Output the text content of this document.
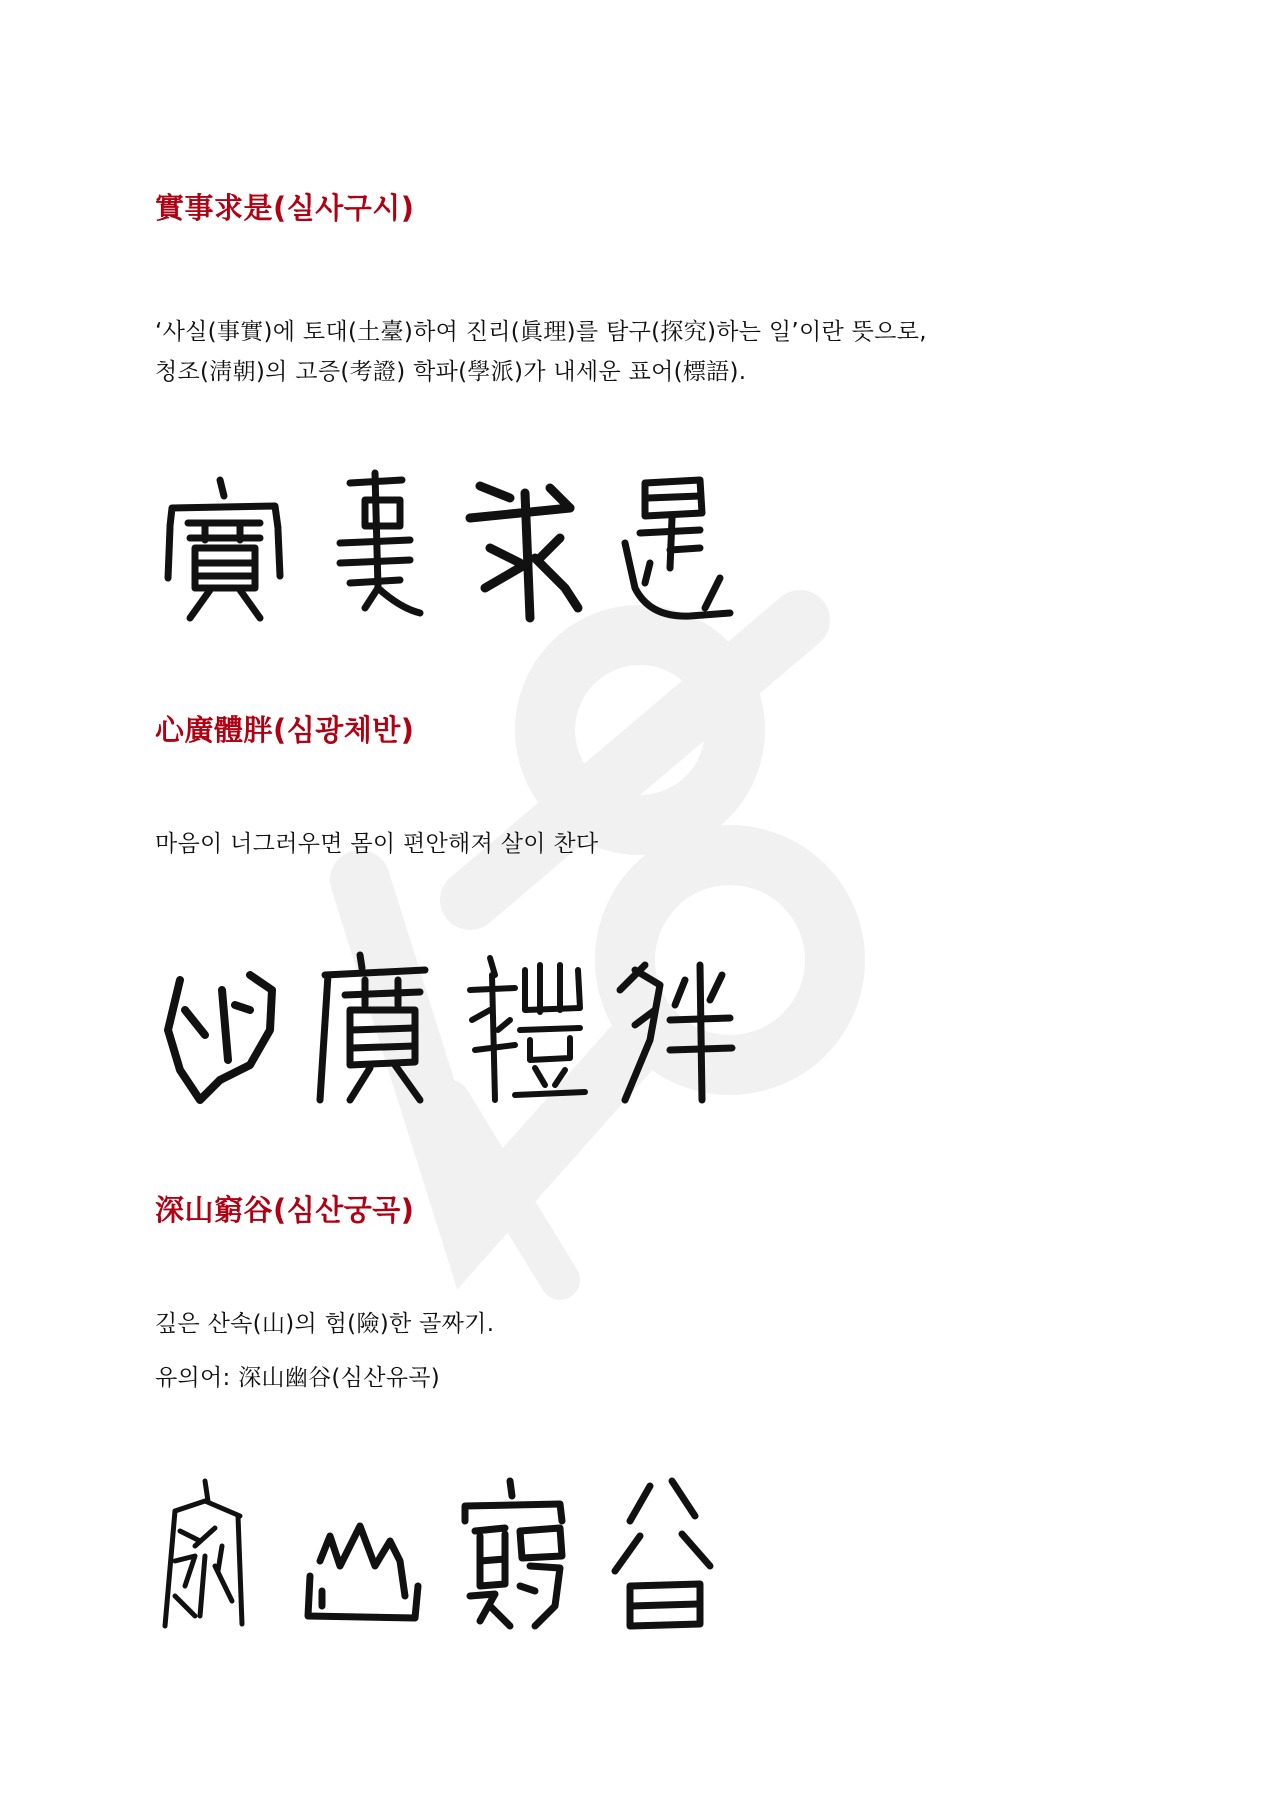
實事求是(실사구시)

‘사실(事實)에 토대(土臺)하여 진리(眞理)를 탐구(探究)하는 일’이란 뜻으로,

청조(淸朝)의 고증(考證) 학파(學派)가 내세운 표어(標語).

心廣體胖(심광체반)

마음이 너그러우면 몸이 편안해져 살이 찬다

深山窮谷(심산궁곡)

깊은 산속(山)의 험(險)한 골짜기.

유의어: 深山幽谷(심산유곡)
